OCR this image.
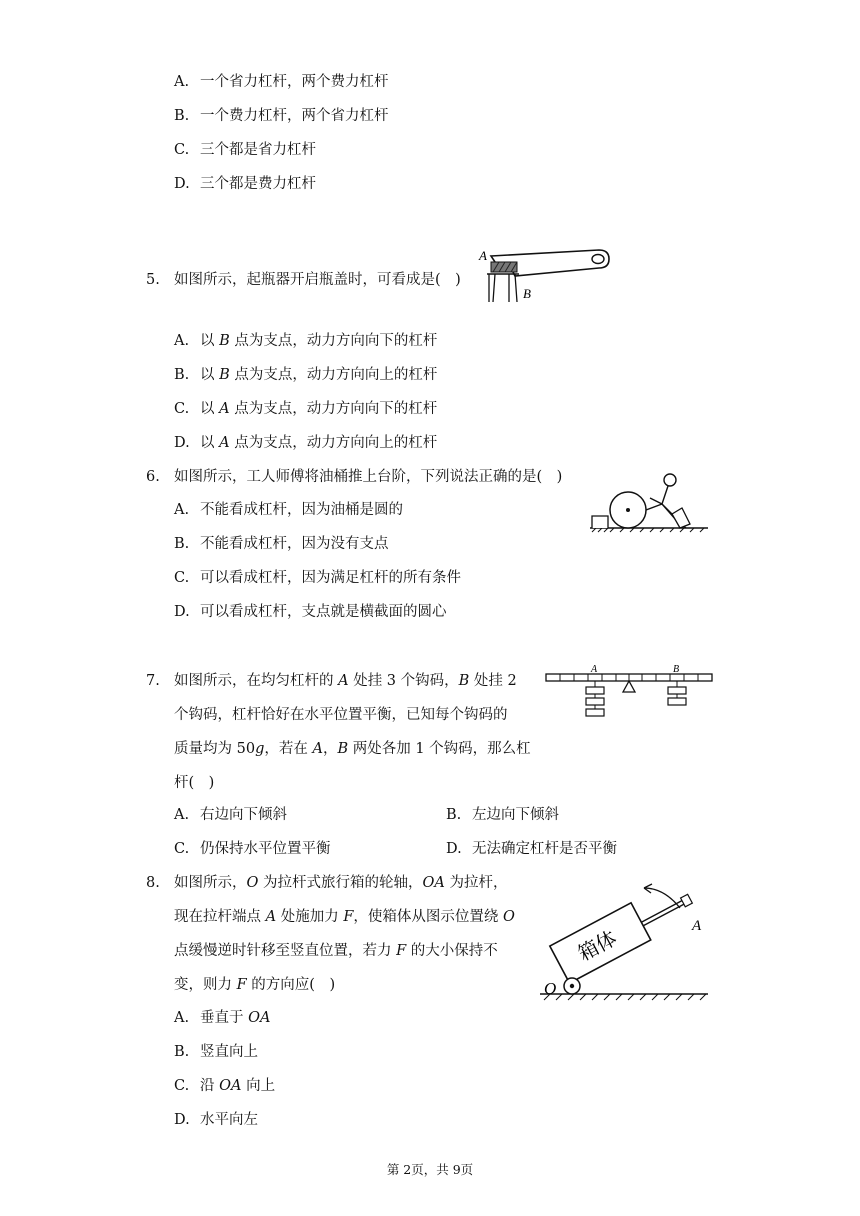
A. 一个省力杠杆，两个费力杠杆
B. 一个费力杠杆，两个省力杠杆
C. 三个都是省力杠杆
D. 三个都是费力杠杆
5. 如图所示，起瓶器开启瓶盖时，可看成是(　)
A
B
A. 以 B 点为支点，动力方向向下的杠杆
B. 以 B 点为支点，动力方向向上的杠杆
C. 以 A 点为支点，动力方向向下的杠杆
D. 以 A 点为支点，动力方向向上的杠杆
6. 如图所示，工人师傅将油桶推上台阶，下列说法正确的是(　)
A. 不能看成杠杆，因为油桶是圆的
B. 不能看成杠杆，因为没有支点
C. 可以看成杠杆，因为满足杠杆的所有条件
D. 可以看成杠杆，支点就是横截面的圆心
7. 如图所示，在均匀杠杆的 A 处挂 3 个钩码，B 处挂 2
个钩码，杠杆恰好在水平位置平衡，已知每个钩码的
质量均为 50g，若在 A，B 两处各加 1 个钩码，那么杠
杆(　)
A	B
A. 右边向下倾斜	B. 左边向下倾斜
C. 仍保持水平位置平衡	D. 无法确定杠杆是否平衡
8. 如图所示，O 为拉杆式旅行箱的轮轴，OA 为拉杆，
现在拉杆端点 A 处施加力 F，使箱体从图示位置绕 O
点缓慢逆时针移至竖直位置，若力 F 的大小保持不
变，则力 F 的方向应(　)
箱体
O
A
A. 垂直于 OA
B. 竖直向上
C. 沿 OA 向上
D. 水平向左
第 2页，共 9页
